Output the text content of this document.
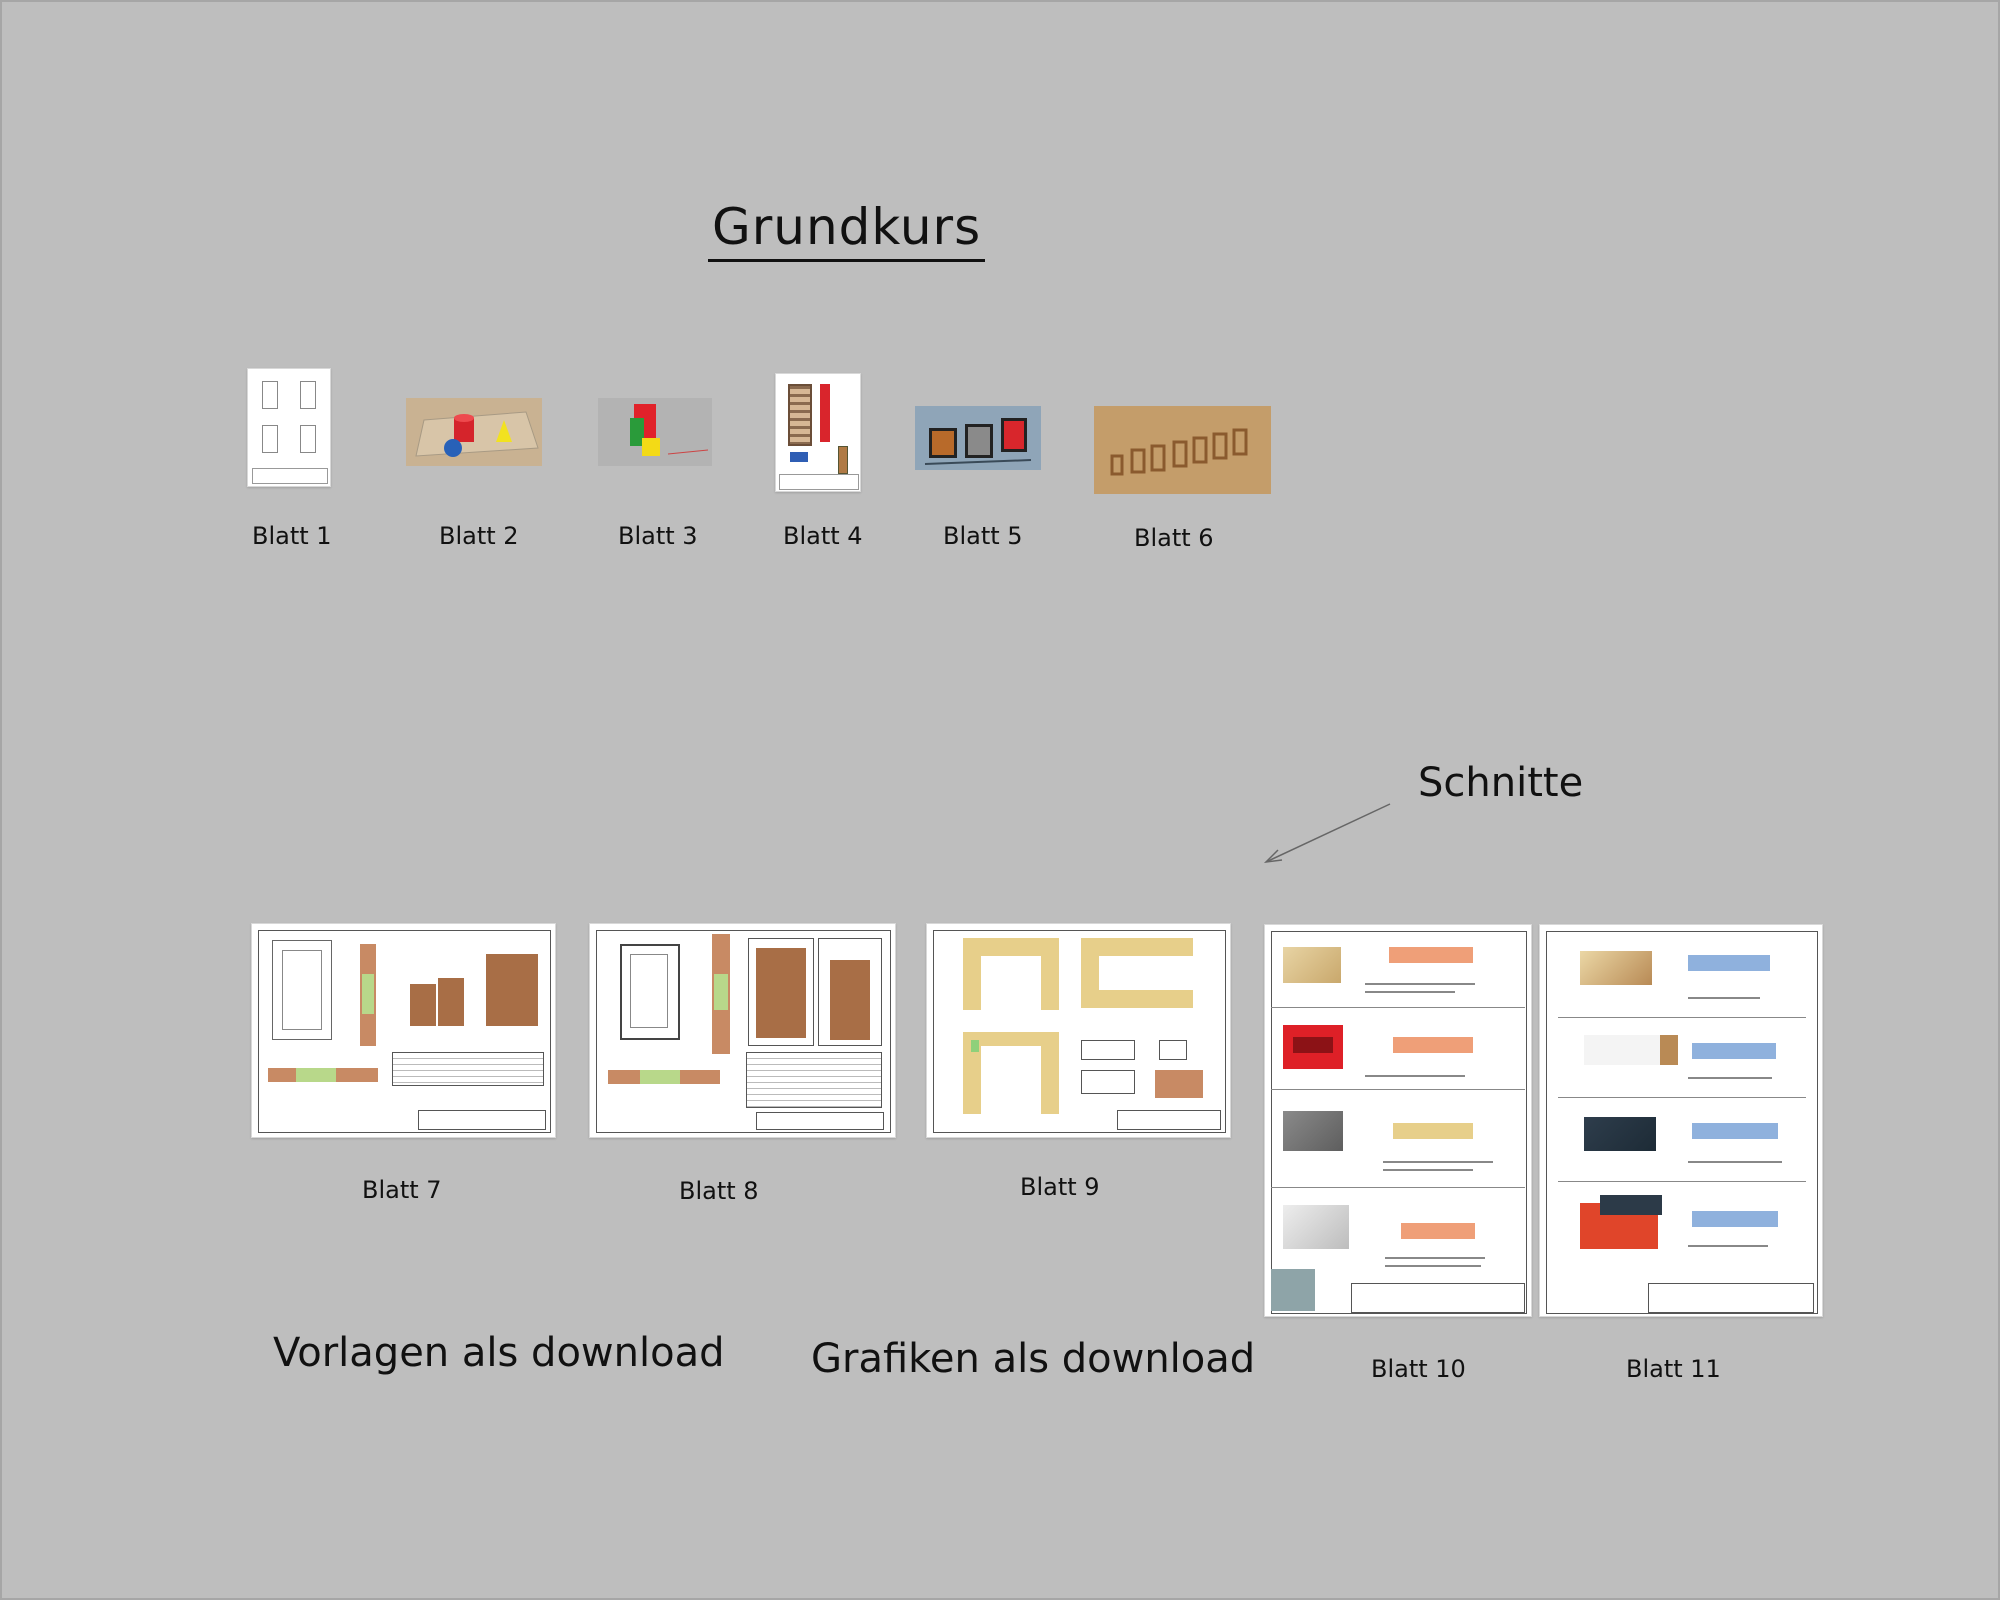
Grundkurs
Blatt 1	Blatt 2	Blatt 3	Blatt 4	Blatt 5	Blatt 6
Schnitte
Blatt 7	Blatt 8	Blatt 9
Blatt 10	Blatt 11
Vorlagen als download Grafiken als download
